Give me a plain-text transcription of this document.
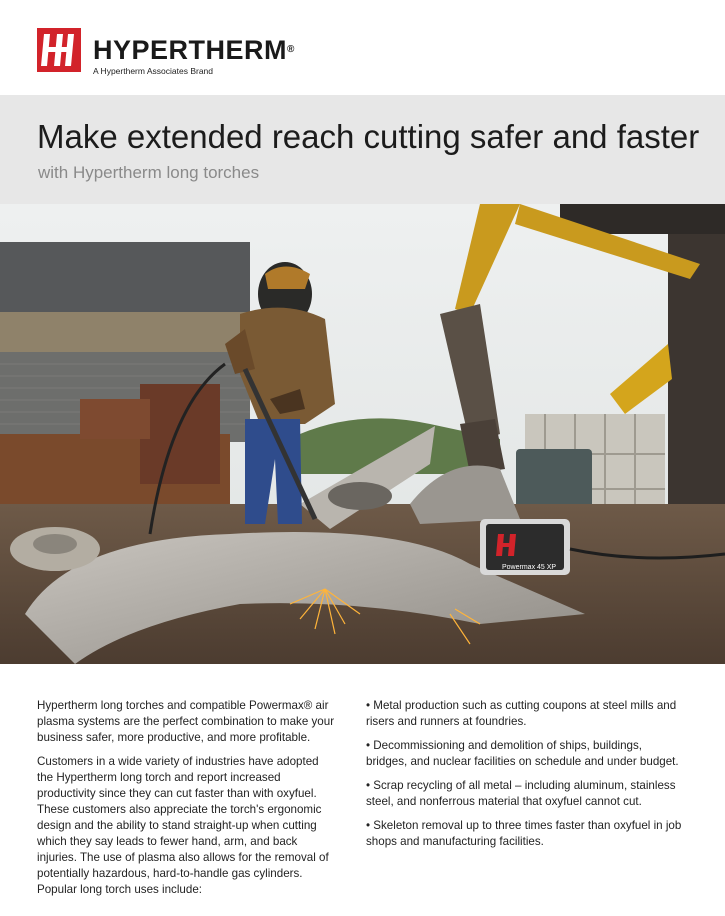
HYPERTHERM®
A Hypertherm Associates Brand
Make extended reach cutting safer and faster
with Hypertherm long torches
Powermax 45 XP

Hypertherm long torches and compatible Powermax® air plasma systems are the perfect combination to make your business safer, more productive, and more profitable.

Customers in a wide variety of industries have adopted the Hypertherm long torch and report increased productivity since they can cut faster than with oxyfuel. These customers also appreciate the torch's ergonomic design and the ability to stand straight-up when cutting which they say leads to fewer hand, arm, and back injuries. The use of plasma also allows for the removal of potentially hazardous, hard-to-handle gas cylinders. Popular long torch uses include:

• Metal production such as cutting coupons at steel mills and risers and runners at foundries.

• Decommissioning and demolition of ships, buildings, bridges, and nuclear facilities on schedule and under budget.

• Scrap recycling of all metal – including aluminum, stainless steel, and nonferrous material that oxyfuel cannot cut.

• Skeleton removal up to three times faster than oxyfuel in job shops and manufacturing facilities.
